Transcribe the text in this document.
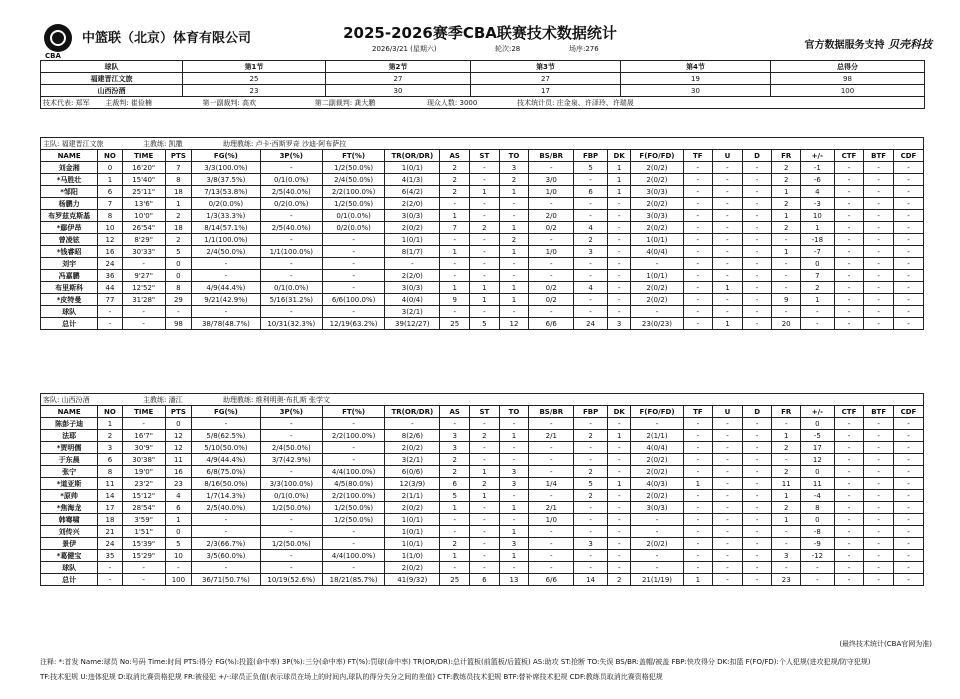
CBA
中篮联（北京）体育有限公司	2025-2026赛季CBA联赛技术数据统计
2026/3/21 (星期六)	轮次:28	场序:276	官方数据服务支持 贝壳科技
球队	第1节	第2节	第3节	第4节	总得分
福建晋江文旅	25	27	27	19	98
山西汾酒	23	30	17	30	100
技术代表: 郑军 主裁判: 崔俭楠 第一副裁判: 高欢 第二副裁判: 龚大鹏 现众人数: 3000 技术统计员: 庄金泉、许泽玲、许瑞晟					
主队: 福建晋江文旅 主教练: 凯撒 助理教练: 卢卡·西斯罗奇 沙迪·阿布萨拉																						
NAME	NO	TIME	PTS	FG(%)	3P(%)	FT(%)	TR(OR/DR)	AS	ST	TO	BS/BR	FBP	DK	F(FO/FD)	TF	U	D	FR	+/-	CTF	BTF	CDF
刘金湘	0	16'20"	7	3/3(100.0%)	-	1/2(50.0%)	1(0/1)	2	-	3	-	5	1	2(0/2)	-	-	-	2	-1	-	-	-
*马胜壮	1	15'40"	8	3/8(37.5%)	0/1(0.0%)	2/4(50.0%)	4(1/3)	2	-	2	3/0	-	1	2(0/2)	-	-	-	2	-6	-	-	-
*邹阳	6	25'11"	18	7/13(53.8%)	2/5(40.0%)	2/2(100.0%)	6(4/2)	2	1	1	1/0	6	1	3(0/3)	-	-	-	1	4	-	-	-
杨鹏力	7	13'6"	1	0/2(0.0%)	0/2(0.0%)	1/2(50.0%)	2(2/0)	-	-	-	-	-	-	2(0/2)	-	-	-	2	-3	-	-	-
布罗兹克斯基	8	10'0"	2	1/3(33.3%)	-	0/1(0.0%)	3(0/3)	1	-	-	2/0	-	-	3(0/3)	-	-	-	1	10	-	-	-
*鄢伊昂	10	26'54"	18	8/14(57.1%)	2/5(40.0%)	0/2(0.0%)	2(0/2)	7	2	1	0/2	4	-	2(0/2)	-	-	-	2	1	-	-	-
曾凌铉	12	8'29"	2	1/1(100.0%)	-	-	1(0/1)	-	-	2	-	2	-	1(0/1)	-	-	-	-	-18	-	-	-
*钱睿昭	16	30'33"	5	2/4(50.0%)	1/1(100.0%)	-	8(1/7)	1	-	1	1/0	3	-	4(0/4)	-	-	-	1	-7	-	-	-
刘宇	24	-	0	-	-	-	-	-	-	-	-	-	-	-	-	-	-	-	0	-	-	-
冯嘉鹏	36	9'27"	0	-	-	-	2(2/0)	-	-	-	-	-	-	1(0/1)	-	-	-	-	7	-	-	-
布里斯科	44	12'52"	8	4/9(44.4%)	0/1(0.0%)	-	3(0/3)	1	1	1	0/2	4	-	2(0/2)	-	1	-	-	2	-	-	-
*皮特曼	77	31'28"	29	9/21(42.9%)	5/16(31.2%)	6/6(100.0%)	4(0/4)	9	1	1	0/2	-	-	2(0/2)	-	-	-	9	1	-	-	-
球队	-	-	-	-	-	-	3(2/1)	-	-	-	-	-	-	-	-	-	-	-	-	-	-	-
总计	-	-	98	38/78(48.7%)	10/31(32.3%)	12/19(63.2%)	39(12/27)	25	5	12	6/6	24	3	23(0/23)	-	1	-	20	-	-	-	-
客队: 山西汾酒 主教练: 潘江 助理教练: 维利明奥·布扎斯 张学文																						
NAME	NO	TIME	PTS	FG(%)	3P(%)	FT(%)	TR(OR/DR)	AS	ST	TO	BS/BR	FBP	DK	F(FO/FD)	TF	U	D	FR	+/-	CTF	BTF	CDF
陈彭子迪	1	-	0	-	-	-	-	-	-	-	-	-	-	-	-	-	-	-	0	-	-	-
法耶	2	16'7"	12	5/8(62.5%)	-	2/2(100.0%)	8(2/6)	3	2	1	2/1	2	1	2(1/1)	-	-	-	1	-5	-	-	-
*贾明儒	3	30'9"	12	5/10(50.0%)	2/4(50.0%)	-	2(0/2)	3	-	-	-	-	-	4(0/4)	-	-	-	2	17	-	-	-
于东晨	6	30'38"	11	4/9(44.4%)	3/7(42.9%)	-	3(2/1)	2	-	-	-	-	-	2(0/2)	-	-	-	-	12	-	-	-
张宁	8	19'0"	16	6/8(75.0%)	-	4/4(100.0%)	6(0/6)	2	1	3	-	2	-	2(0/2)	-	-	-	2	0	-	-	-
*道亚斯	11	23'2"	23	8/16(50.0%)	3/3(100.0%)	4/5(80.0%)	12(3/9)	6	2	3	1/4	5	1	4(0/3)	1	-	-	11	11	-	-	-
*原帅	14	15'12"	4	1/7(14.3%)	0/1(0.0%)	2/2(100.0%)	2(1/1)	5	1	-	-	2	-	2(0/2)	-	-	-	1	-4	-	-	-
*焦海龙	17	28'54"	6	2/5(40.0%)	1/2(50.0%)	1/2(50.0%)	2(0/2)	1	-	1	2/1	-	-	3(0/3)	-	-	-	2	8	-	-	-
韩骞啸	18	3'59"	1	-	-	1/2(50.0%)	1(0/1)	-	-	-	1/0	-	-	-	-	-	-	1	0	-	-	-
刘传兴	21	1'51"	0	-	-	-	1(0/1)	-	-	1	-	-	-	-	-	-	-	-	-8	-	-	-
景伊	24	15'39"	5	2/3(66.7%)	1/2(50.0%)	-	1(0/1)	2	-	3	-	3	-	2(0/2)	-	-	-	-	-9	-	-	-
*葛健宝	35	15'29"	10	3/5(60.0%)	-	4/4(100.0%)	1(1/0)	1	-	1	-	-	-	-	-	-	-	3	-12	-	-	-
球队	-	-	-	-	-	-	2(0/2)	-	-	-	-	-	-	-	-	-	-	-	-	-	-	-
总计	-	-	100	36/71(50.7%)	10/19(52.6%)	18/21(85.7%)	41(9/32)	25	6	13	6/6	14	2	21(1/19)	1	-	-	23	-	-	-	-
(最终技术统计(CBA官网为准)
注释: *:首发 Name:球员 No:号码 Time:时间 PTS:得分 FG(%):投篮(命中率) 3P(%):三分(命中率) FT(%):罚球(命中率) TR(OR/DR):总计篮板(前篮板/后篮板) AS:助攻 ST:抢断 TO:失误 BS/BR:盖帽/被盖 FBP:快攻得分 DK:扣篮 F(FO/FD):个人犯规(进攻犯规/防守犯规)
TF:技术犯规 U:违体犯规 D:取消比赛资格犯规 FR:被侵犯 +/-:球员正负值(表示球员在场上的时间内,球队的得分失分之间的差值) CTF:教练员技术犯规 BTF:替补席技术犯规 CDF:教练员取消比赛资格犯规
